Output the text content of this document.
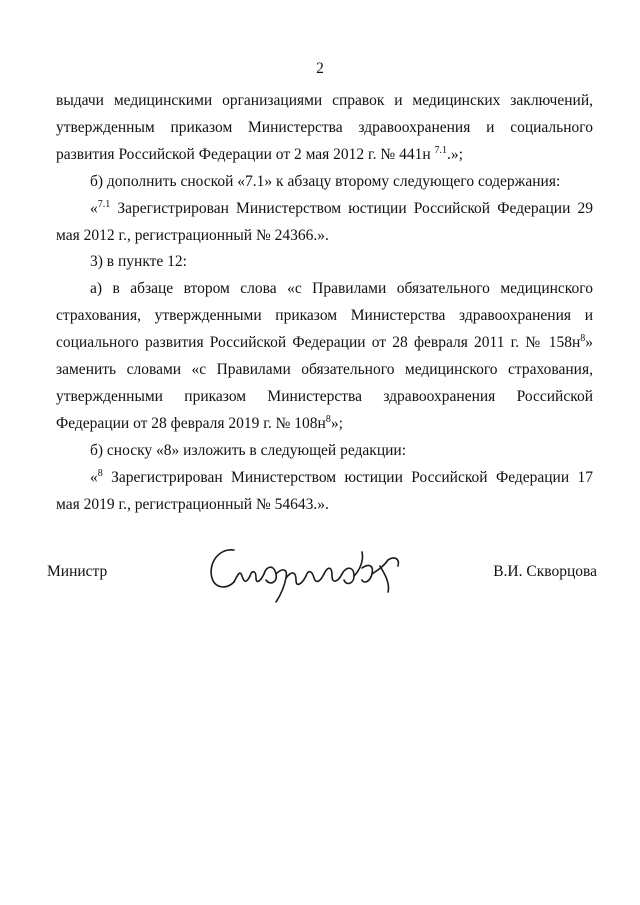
2

выдачи медицинскими организациями справок и медицинских заключений, утвержденным приказом Министерства здравоохранения и социального развития Российской Федерации от 2 мая 2012 г. № 441н $^{7.1}$.»;

б) дополнить сноской «7.1» к абзацу второму следующего содержания:

«$^{7.1}$ Зарегистрирован Министерством юстиции Российской Федерации 29 мая 2012 г., регистрационный № 24366.».

3) в пункте 12:

а) в абзаце втором слова «с Правилами обязательного медицинского страхования, утвержденными приказом Министерства здравоохранения и социального развития Российской Федерации от 28 февраля 2011 г. № $158н^8$» заменить словами «с Правилами обязательного медицинского страхования, утвержденными приказом Министерства здравоохранения Российской Федерации от 28 февраля 2019 г. № $108н^8$»;

б) сноску «8» изложить в следующей редакции:

«$^8$ Зарегистрирован Министерством юстиции Российской Федерации 17 мая 2019 г., регистрационный № 54643.».

Министр	В.И. Скворцова
